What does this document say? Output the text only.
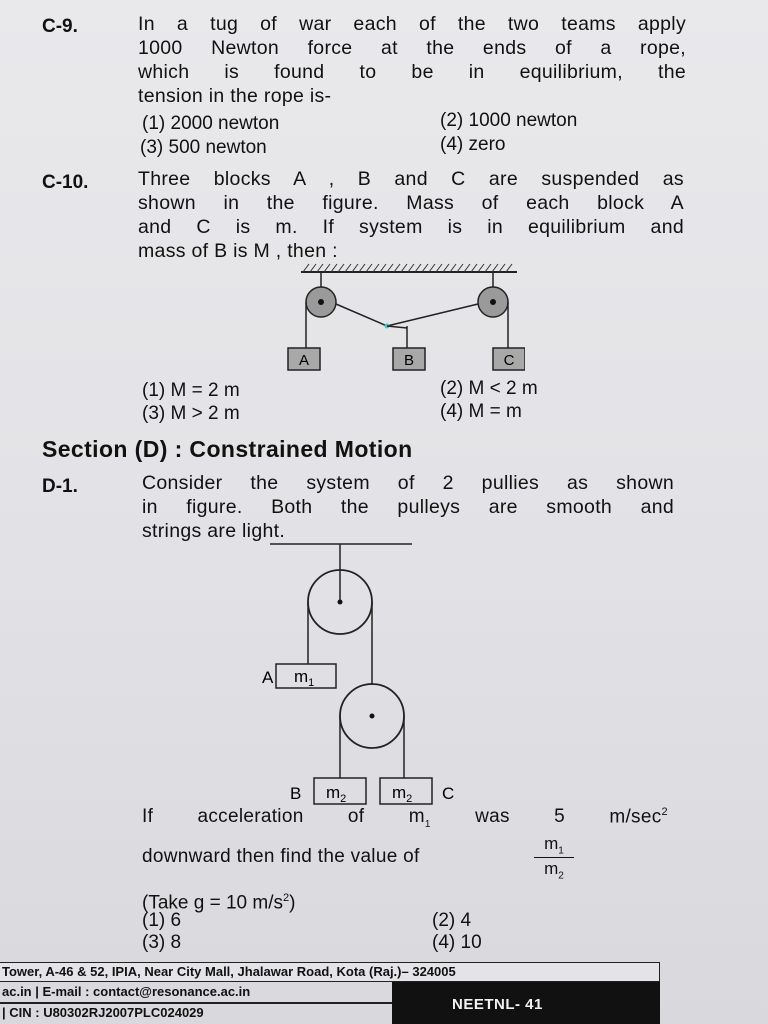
C-9.	In a tug of war each of the two teams apply
1000 Newton force at the ends of a rope,
which is found to be in equilibrium, the
tension in the rope is-
(1) 2000 newton	(2) 1000 newton
(3) 500 newton	(4) zero
C-10.	Three blocks A , B and C are suspended as
shown in the figure. Mass of each block A
and C is m. If system is in equilibrium and
mass of B is M , then :
A	B	C
(1) M = 2 m	(2) M < 2 m
(3) M > 2 m	(4) M = m
Section (D) : Constrained Motion
D-1.	Consider the system of 2 pullies as shown
in figure. Both the pulleys are smooth and
strings are light.
A $m_1$
B $m_2$	$m_2$ C
If acceleration of $m_1$ was 5 $m/\sec^2$
downward then find the value of	$\frac{m_1}{m_2}$
(Take g = 10 $m/s^2$)
(1) 6	(2) 4
(3) 8	(4) 10
Tower, A-46 & 52, IPIA, Near City Mall, Jhalawar Road, Kota (Raj.)– 324005
ac.in | E-mail : contact@resonance.ac.in
| CIN : U80302RJ2007PLC024029	NEETNL- 41
